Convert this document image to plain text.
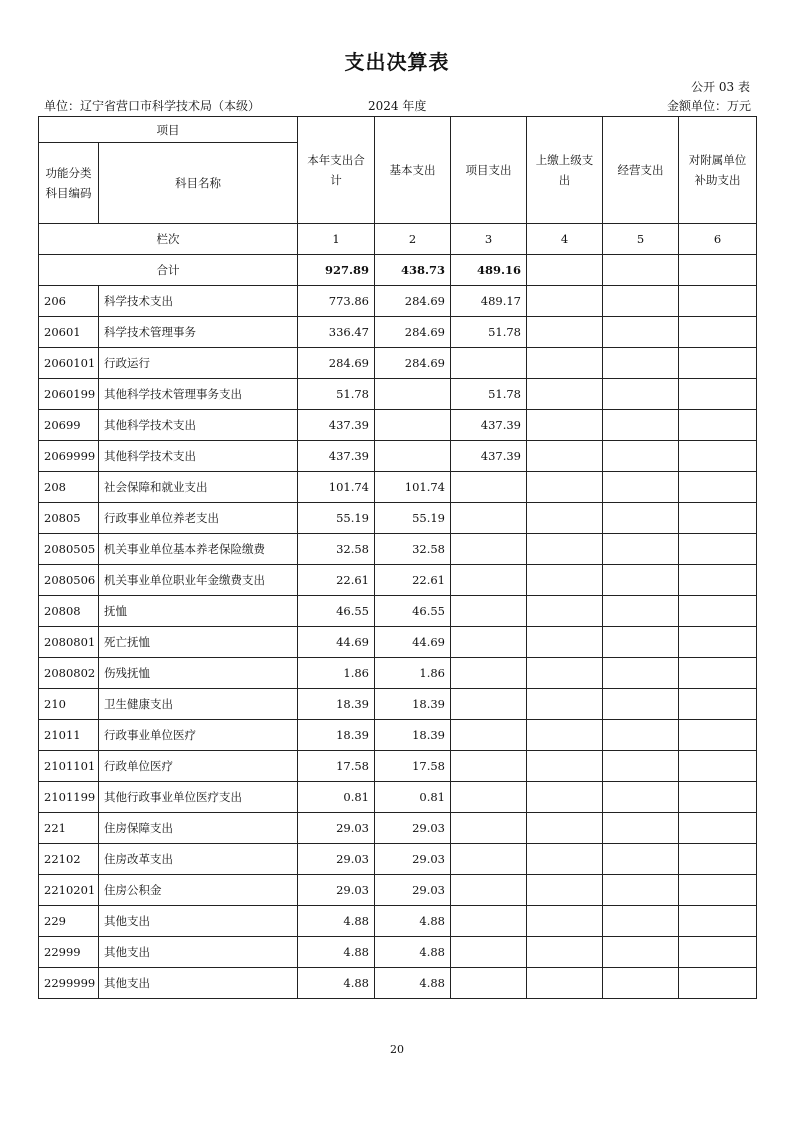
支出决算表
公开 03 表
单位：辽宁省营口市科学技术局（本级）	2024 年度	金额单位：万元
项目		本年支出合计	基本支出	项目支出	上缴上级支出	经营支出	对附属单位补助支出
功能分类科目编码	科目名称						
栏次		1	2	3	4	5	6
合计		927.89	438.73	489.16			
206	科学技术支出	773.86	284.69	489.17			
20601	科学技术管理事务	336.47	284.69	51.78			
2060101	行政运行	284.69	284.69				
2060199	其他科学技术管理事务支出	51.78		51.78			
20699	其他科学技术支出	437.39		437.39			
2069999	其他科学技术支出	437.39		437.39			
208	社会保障和就业支出	101.74	101.74				
20805	行政事业单位养老支出	55.19	55.19				
2080505	机关事业单位基本养老保险缴费	32.58	32.58				
2080506	机关事业单位职业年金缴费支出	22.61	22.61				
20808	抚恤	46.55	46.55				
2080801	死亡抚恤	44.69	44.69				
2080802	伤残抚恤	1.86	1.86				
210	卫生健康支出	18.39	18.39				
21011	行政事业单位医疗	18.39	18.39				
2101101	行政单位医疗	17.58	17.58				
2101199	其他行政事业单位医疗支出	0.81	0.81				
221	住房保障支出	29.03	29.03				
22102	住房改革支出	29.03	29.03				
2210201	住房公积金	29.03	29.03				
229	其他支出	4.88	4.88				
22999	其他支出	4.88	4.88				
2299999	其他支出	4.88	4.88				
20
